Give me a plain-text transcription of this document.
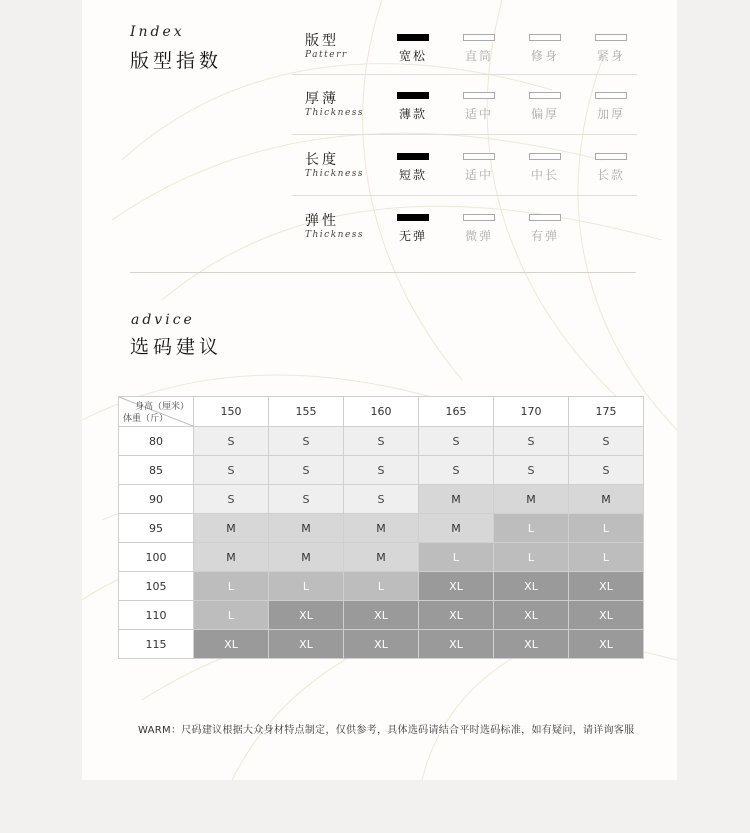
Index
版型指数
版型
Patterr	宽松	直筒	修身	紧身
厚薄
Thickness	薄款	适中	偏厚	加厚
长度
Thickness	短款	适中	中长	长款
弹性
Thickness	无弹	微弹	有弹
advice
选码建议
身高（厘米）
体重（斤）	150	155	160	165	170	175
80	S	S	S	S	S	S
85	S	S	S	S	S	S
90	S	S	S	M	M	M
95	M	M	M	M	L	L
100	M	M	M	L	L	L
105	L	L	L	XL	XL	XL
110	L	XL	XL	XL	XL	XL
115	XL	XL	XL	XL	XL	XL
WARM：尺码建议根据大众身材特点制定，仅供参考，具体选码请结合平时选码标准，如有疑问，请详询客服
